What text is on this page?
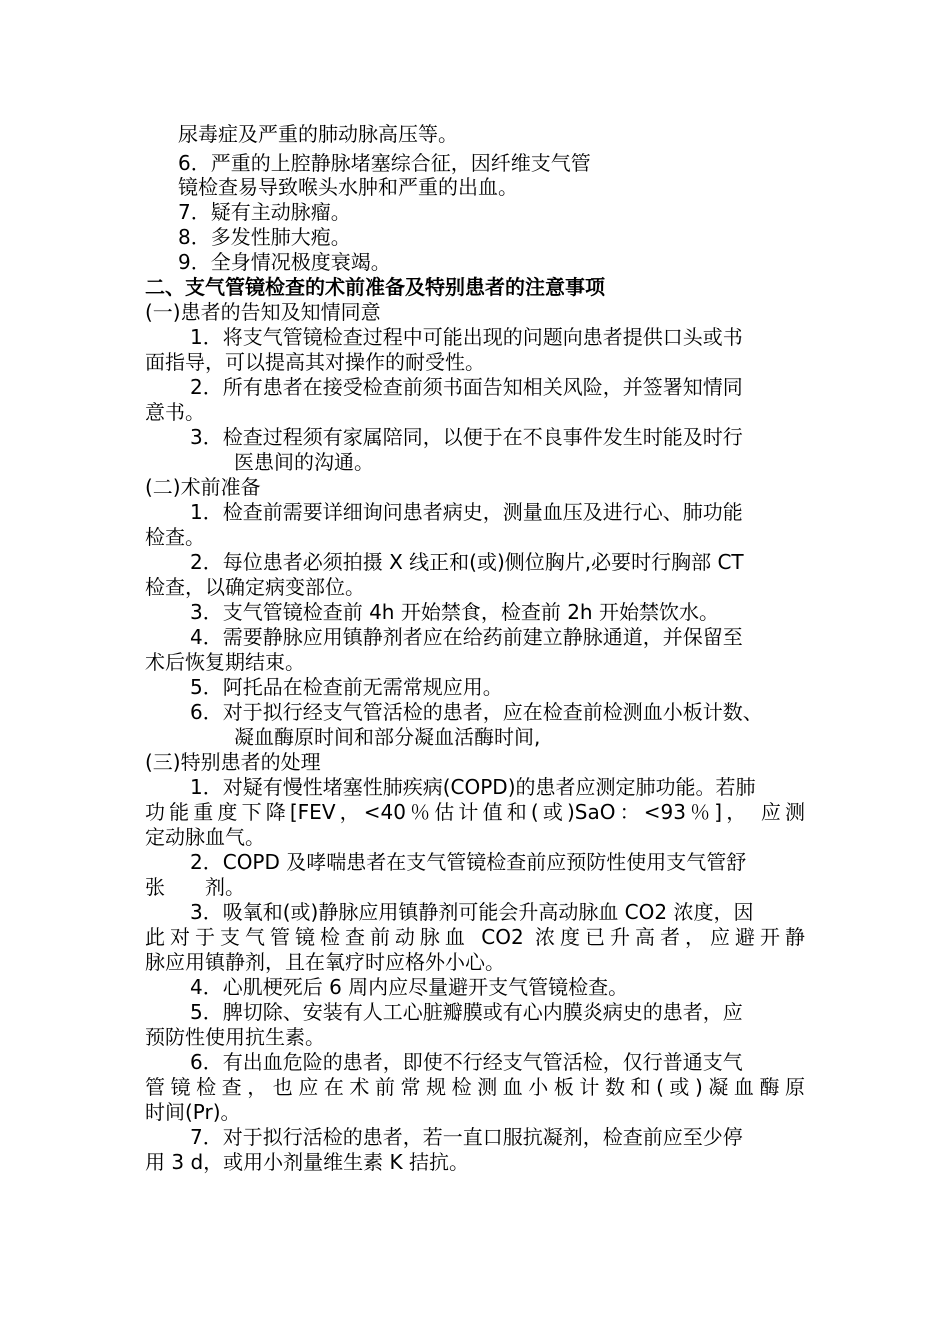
尿毒症及严重的肺动脉高压等。
6．严重的上腔静脉堵塞综合征，因纤维支气管
镜检查易导致喉头水肿和严重的出血。
7．疑有主动脉瘤。
8．多发性肺大疱。
9．全身情况极度衰竭。
二、支气管镜检查的术前准备及特别患者的注意事项
(一)患者的告知及知情同意
1．将支气管镜检查过程中可能出现的问题向患者提供口头或书
面指导，可以提高其对操作的耐受性。
2．所有患者在接受检查前须书面告知相关风险，并签署知情同
意书。
3．检查过程须有家属陪同，以便于在不良事件发生时能及时行
医患间的沟通。
(二)术前准备
1．检查前需要详细询问患者病史，测量血压及进行心、肺功能
检查。
2．每位患者必须拍摄 X 线正和(或)侧位胸片,必要时行胸部 CT
检查，以确定病变部位。
3．支气管镜检查前 4h 开始禁食，检查前 2h 开始禁饮水。
4．需要静脉应用镇静剂者应在给药前建立静脉通道，并保留至
术后恢复期结束。
5．阿托品在检查前无需常规应用。
6．对于拟行经支气管活检的患者，应在检查前检测血小板计数、
凝血酶原时间和部分凝血活酶时间,
(三)特别患者的处理
1．对疑有慢性堵塞性肺疾病(COPD)的患者应测定肺功能。若肺
功能重度下降[FEV，<40％估计值和(或)SaO：<93％]， 应测
定动脉血气。
2．COPD 及哮喘患者在支气管镜检查前应预防性使用支气管舒
张　　剂。
3．吸氧和(或)静脉应用镇静剂可能会升高动脉血 CO2 浓度，因
此对于支气管镜检查前动脉血 CO2 浓度已升高者，应避开静
脉应用镇静剂，且在氧疗时应格外小心。
4．心肌梗死后 6 周内应尽量避开支气管镜检查。
5．脾切除、安装有人工心脏瓣膜或有心内膜炎病史的患者，应
预防性使用抗生素。
6．有出血危险的患者，即使不行经支气管活检，仅行普通支气
管镜检查，也应在术前常规检测血小板计数和(或)凝血酶原
时间(Pr)。
7．对于拟行活检的患者，若一直口服抗凝剂，检查前应至少停
用 3 d，或用小剂量维生素 K 拮抗。
